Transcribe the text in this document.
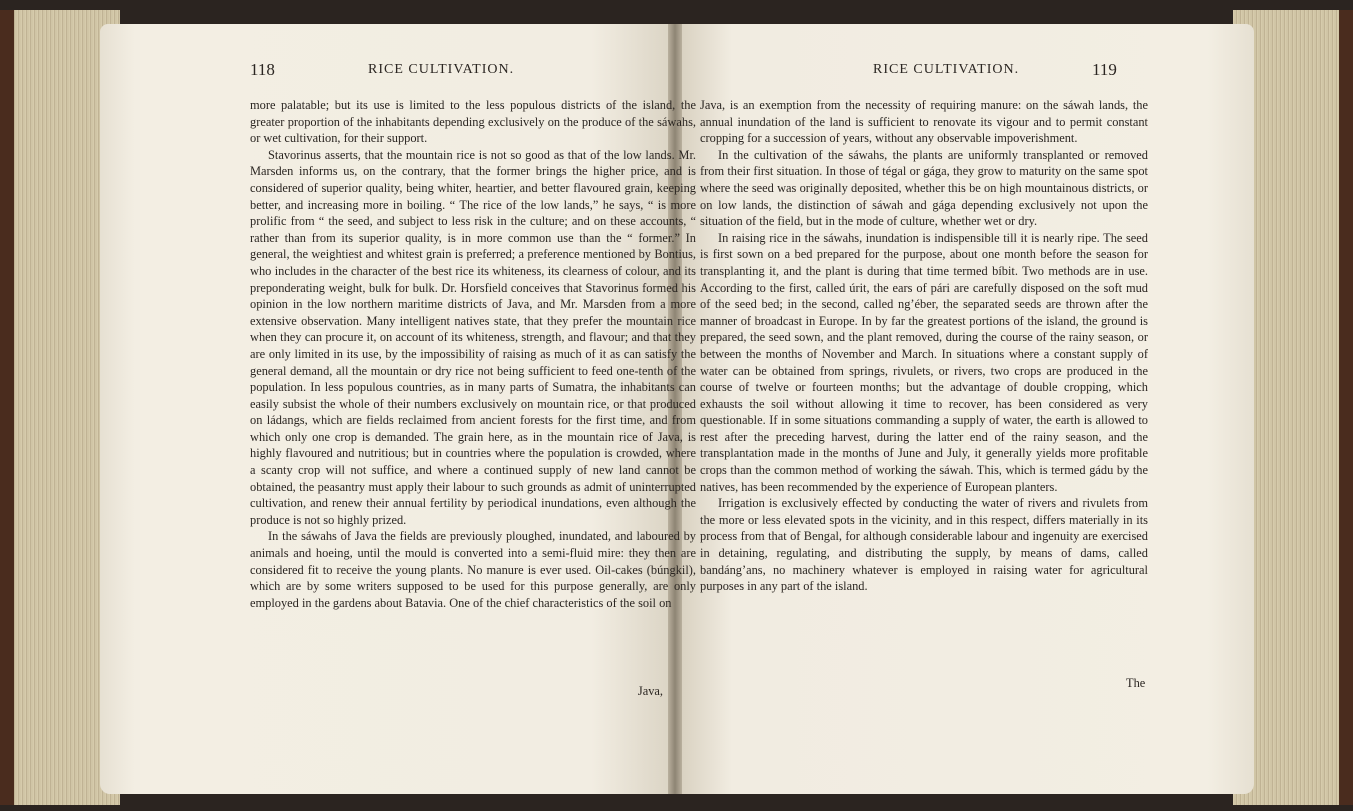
118	RICE CULTIVATION.

more palatable; but its use is limited to the less populous districts of the island, the greater proportion of the inhabitants depending exclusively on the produce of the sáwahs, or wet cultivation, for their support.

Stavorinus asserts, that the mountain rice is not so good as that of the low lands. Mr. Marsden informs us, on the contrary, that the former brings the higher price, and is considered of superior quality, being whiter, heartier, and better flavoured grain, keeping better, and increasing more in boiling. “ The rice of the low lands,” he says, “ is more prolific from “ the seed, and subject to less risk in the culture; and on these accounts, “ rather than from its superior quality, is in more common use than the “ former.” In general, the weightiest and whitest grain is preferred; a preference mentioned by Bontius, who includes in the character of the best rice its whiteness, its clearness of colour, and its preponderating weight, bulk for bulk. Dr. Horsfield conceives that Stavorinus formed his opinion in the low northern maritime districts of Java, and Mr. Marsden from a more extensive observation. Many intelligent natives state, that they prefer the mountain rice when they can procure it, on account of its whiteness, strength, and flavour; and that they are only limited in its use, by the impossibility of raising as much of it as can satisfy the general demand, all the mountain or dry rice not being sufficient to feed one-tenth of the population. In less populous countries, as in many parts of Sumatra, the inhabitants can easily subsist the whole of their numbers exclusively on mountain rice, or that produced on ládangs, which are fields reclaimed from ancient forests for the first time, and from which only one crop is demanded. The grain here, as in the mountain rice of Java, is highly flavoured and nutritious; but in countries where the population is crowded, where a scanty crop will not suffice, and where a continued supply of new land cannot be obtained, the peasantry must apply their labour to such grounds as admit of uninterrupted cultivation, and renew their annual fertility by periodical inundations, even although the produce is not so highly prized.

In the sáwahs of Java the fields are previously ploughed, inundated, and laboured by animals and hoeing, until the mould is converted into a semi-fluid mire: they then are considered fit to receive the young plants. No manure is ever used. Oil-cakes (búngkil), which are by some writers supposed to be used for this purpose generally, are only employed in the gardens about Batavia. One of the chief characteristics of the soil on

Java,
RICE CULTIVATION.	119

Java, is an exemption from the necessity of requiring manure: on the sáwah lands, the annual inundation of the land is sufficient to renovate its vigour and to permit constant cropping for a succession of years, without any observable impoverishment.

In the cultivation of the sáwahs, the plants are uniformly transplanted or removed from their first situation. In those of tégal or gága, they grow to maturity on the same spot where the seed was originally deposited, whether this be on high mountainous districts, or on low lands, the distinction of sáwah and gága depending exclusively not upon the situation of the field, but in the mode of culture, whether wet or dry.

In raising rice in the sáwahs, inundation is indispensible till it is nearly ripe. The seed is first sown on a bed prepared for the purpose, about one month before the season for transplanting it, and the plant is during that time termed bíbit. Two methods are in use. According to the first, called úrit, the ears of pári are carefully disposed on the soft mud of the seed bed; in the second, called ng’éber, the separated seeds are thrown after the manner of broadcast in Europe. In by far the greatest portions of the island, the ground is prepared, the seed sown, and the plant removed, during the course of the rainy season, or between the months of November and March. In situations where a constant supply of water can be obtained from springs, rivulets, or rivers, two crops are produced in the course of twelve or fourteen months; but the advantage of double cropping, which exhausts the soil without allowing it time to recover, has been considered as very questionable. If in some situations commanding a supply of water, the earth is allowed to rest after the preceding harvest, during the latter end of the rainy season, and the transplantation made in the months of June and July, it generally yields more profitable crops than the common method of working the sáwah. This, which is termed gádu by the natives, has been recommended by the experience of European planters.

Irrigation is exclusively effected by conducting the water of rivers and rivulets from the more or less elevated spots in the vicinity, and in this respect, differs materially in its process from that of Bengal, for although considerable labour and ingenuity are exercised in detaining, regulating, and distributing the supply, by means of dams, called bandáng’ans, no machinery whatever is employed in raising water for agricultural purposes in any part of the island.

The
